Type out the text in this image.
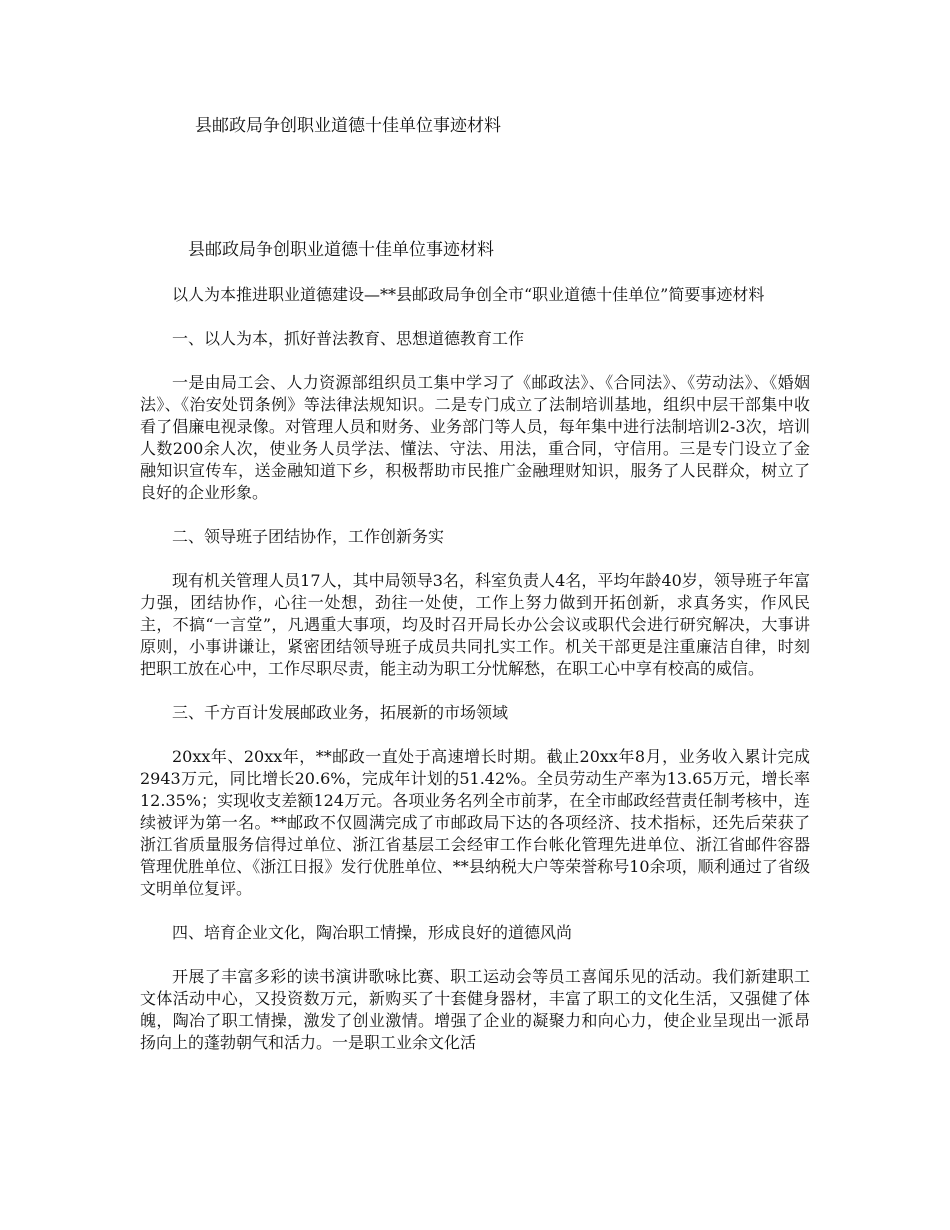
县邮政局争创职业道德十佳单位事迹材料

县邮政局争创职业道德十佳单位事迹材料

以人为本推进职业道德建设—**县邮政局争创全市“职业道德十佳单位”简要事迹材料

一、以人为本，抓好普法教育、思想道德教育工作

一是由局工会、人力资源部组织员工集中学习了《邮政法》、《合同法》、《劳动法》、《婚姻法》、《治安处罚条例》等法律法规知识。二是专门成立了法制培训基地，组织中层干部集中收看了倡廉电视录像。对管理人员和财务、业务部门等人员，每年集中进行法制培训2-3次，培训人数200余人次，使业务人员学法、懂法、守法、用法，重合同，守信用。三是专门设立了金融知识宣传车，送金融知道下乡，积极帮助市民推广金融理财知识，服务了人民群众，树立了良好的企业形象。

二、领导班子团结协作，工作创新务实

现有机关管理人员17人，其中局领导3名，科室负责人4名，平均年龄40岁，领导班子年富力强，团结协作，心往一处想，劲往一处使，工作上努力做到开拓创新，求真务实，作风民主，不搞“一言堂”，凡遇重大事项，均及时召开局长办公会议或职代会进行研究解决，大事讲原则，小事讲谦让，紧密团结领导班子成员共同扎实工作。机关干部更是注重廉洁自律，时刻把职工放在心中，工作尽职尽责，能主动为职工分忧解愁，在职工心中享有校高的威信。

三、千方百计发展邮政业务，拓展新的市场领域

20xx年、20xx年，**邮政一直处于高速增长时期。截止20xx年8月，业务收入累计完成2943万元，同比增长20.6%，完成年计划的51.42%。全员劳动生产率为13.65万元，增长率12.35%；实现收支差额124万元。各项业务名列全市前茅，在全市邮政经营责任制考核中，连续被评为第一名。**邮政不仅圆满完成了市邮政局下达的各项经济、技术指标，还先后荣获了浙江省质量服务信得过单位、浙江省基层工会经审工作台帐化管理先进单位、浙江省邮件容器管理优胜单位、《浙江日报》发行优胜单位、**县纳税大户等荣誉称号10余项，顺利通过了省级文明单位复评。

四、培育企业文化，陶冶职工情操，形成良好的道德风尚

开展了丰富多彩的读书演讲歌咏比赛、职工运动会等员工喜闻乐见的活动。我们新建职工文体活动中心，又投资数万元，新购买了十套健身器材，丰富了职工的文化生活，又强健了体魄，陶冶了职工情操，激发了创业激情。增强了企业的凝聚力和向心力，使企业呈现出一派昂扬向上的蓬勃朝气和活力。一是职工业余文化活
